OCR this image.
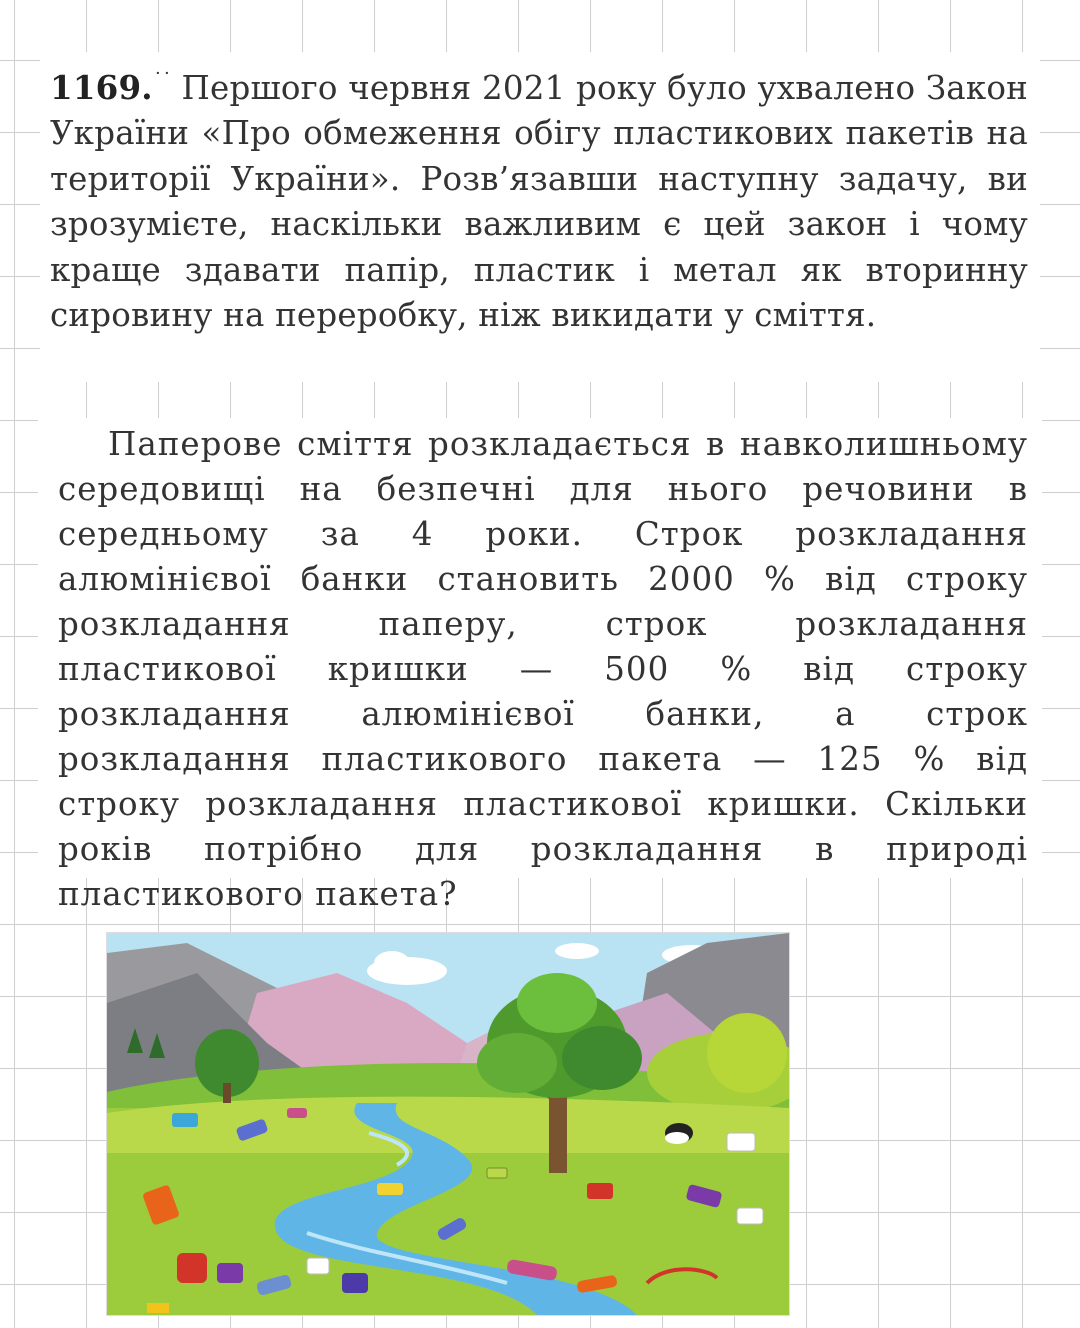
1169.˙˙ Першого червня 2021 року було ухвалено Закон України «Про обмеження обігу пластикових пакетів на території України». Розв’язавши наступну задачу, ви зрозумієте, наскільки важливим є цей закон і чому краще здавати папір, пластик і метал як вторинну сировину на переробку, ніж викидати у сміття.

Паперове сміття розкладається в навколишньому середовищі на безпечні для нього речовини в середньому за 4 роки. Строк розкладання алюмінієвої банки становить 2000 % від строку розкладання паперу, строк розкладання пластикової кришки — 500 % від строку розкладання алюмінієвої банки, а строк розкладання пластикового пакета — 125 % від строку розкладання пластикової кришки. Скільки років потрібно для розкладання в природі пластикового пакета?
